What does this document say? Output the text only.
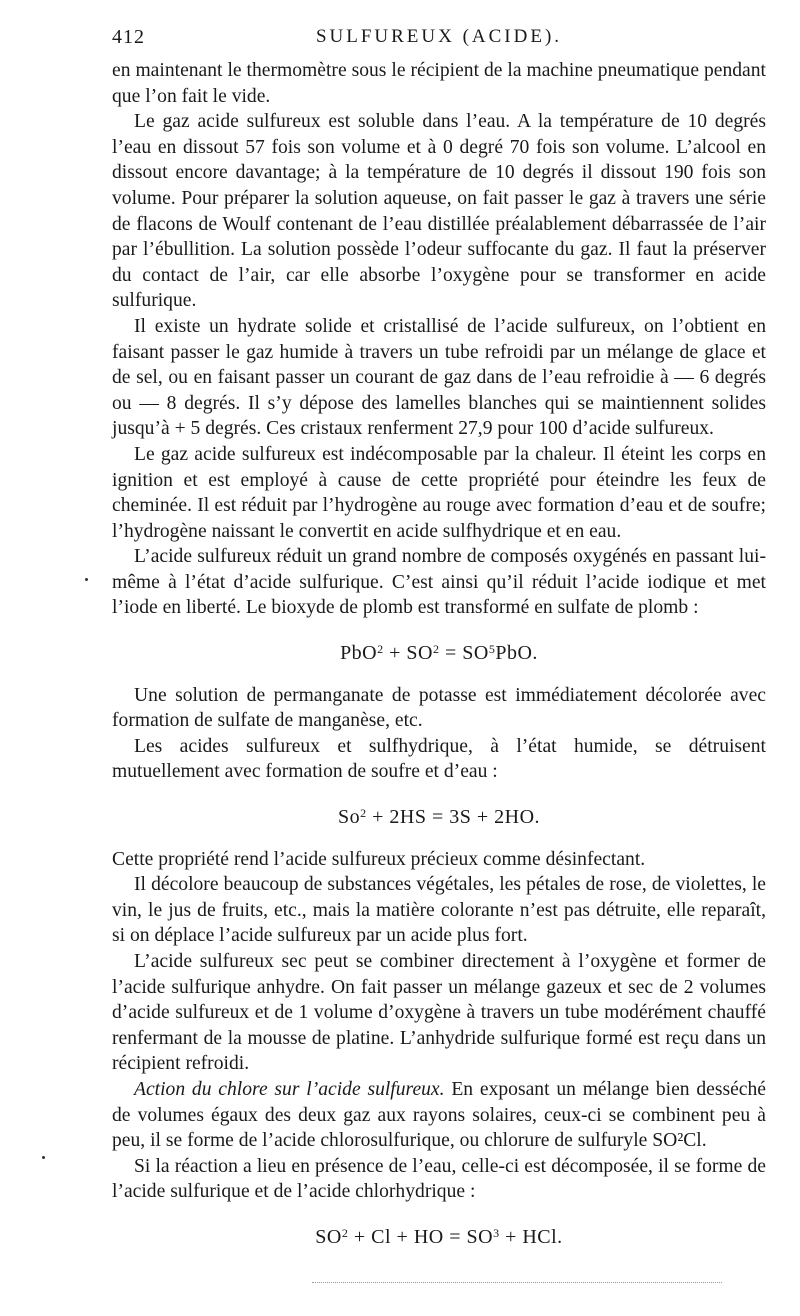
412	SULFUREUX (ACIDE).

en maintenant le thermomètre sous le récipient de la machine pneumatique pendant que l’on fait le vide.

Le gaz acide sulfureux est soluble dans l’eau. A la température de 10 degrés l’eau en dissout 57 fois son volume et à 0 degré 70 fois son volume. L’alcool en dissout encore davantage; à la température de 10 degrés il dissout 190 fois son volume. Pour préparer la solution aqueuse, on fait passer le gaz à travers une série de flacons de Woulf contenant de l’eau distillée préalablement débarrassée de l’air par l’ébullition. La solution possède l’odeur suffocante du gaz. Il faut la préserver du contact de l’air, car elle absorbe l’oxygène pour se transformer en acide sulfurique.

Il existe un hydrate solide et cristallisé de l’acide sulfureux, on l’obtient en faisant passer le gaz humide à travers un tube refroidi par un mélange de glace et de sel, ou en faisant passer un courant de gaz dans de l’eau refroidie à — 6 degrés ou — 8 degrés. Il s’y dépose des lamelles blanches qui se maintiennent solides jusqu’à + 5 degrés. Ces cristaux renferment 27,9 pour 100 d’acide sulfureux.

Le gaz acide sulfureux est indécomposable par la chaleur. Il éteint les corps en ignition et est employé à cause de cette propriété pour éteindre les feux de cheminée. Il est réduit par l’hydrogène au rouge avec formation d’eau et de soufre; l’hydrogène naissant le convertit en acide sulfhydrique et en eau.

L’acide sulfureux réduit un grand nombre de composés oxygénés en passant lui-même à l’état d’acide sulfurique. C’est ainsi qu’il réduit l’acide iodique et met l’iode en liberté. Le bioxyde de plomb est transformé en sulfate de plomb :

$PbO^2 + SO^2 = SO^5PbO$.

Une solution de permanganate de potasse est immédiatement décolorée avec formation de sulfate de manganèse, etc.

Les acides sulfureux et sulfhydrique, à l’état humide, se détruisent mutuellement avec formation de soufre et d’eau :

$So^2 + 2HS = 3S + 2HO$.

Cette propriété rend l’acide sulfureux précieux comme désinfectant.

Il décolore beaucoup de substances végétales, les pétales de rose, de violettes, le vin, le jus de fruits, etc., mais la matière colorante n’est pas détruite, elle reparaît, si on déplace l’acide sulfureux par un acide plus fort.

L’acide sulfureux sec peut se combiner directement à l’oxygène et former de l’acide sulfurique anhydre. On fait passer un mélange gazeux et sec de 2 volumes d’acide sulfureux et de 1 volume d’oxygène à travers un tube modérément chauffé renfermant de la mousse de platine. L’anhydride sulfurique formé est reçu dans un récipient refroidi.

Action du chlore sur l’acide sulfureux. En exposant un mélange bien desséché de volumes égaux des deux gaz aux rayons solaires, ceux-ci se combinent peu à peu, il se forme de l’acide chlorosulfurique, ou chlorure de sulfuryle SO²Cl.

Si la réaction a lieu en présence de l’eau, celle-ci est décomposée, il se forme de l’acide sulfurique et de l’acide chlorhydrique :

$SO^2 + Cl$ + HO = $SO^3$ + HCl.
